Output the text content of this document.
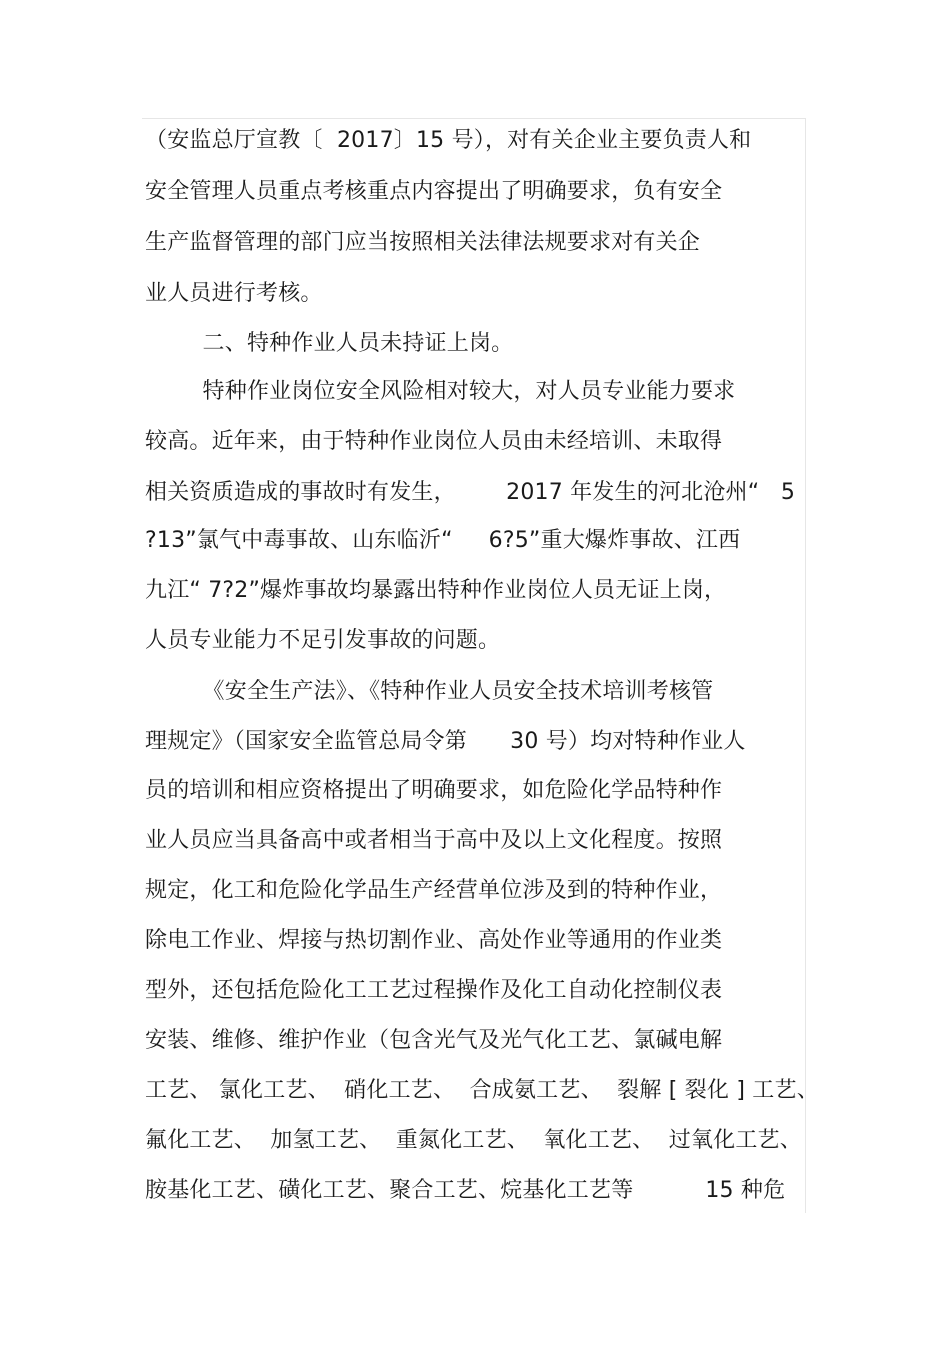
（安监总厅宣教〔  2017〕15 号），对有关企业主要负责人和
安全管理人员重点考核重点内容提出了明确要求，负有安全
生产监督管理的部门应当按照相关法律法规要求对有关企
业人员进行考核。
二、特种作业人员未持证上岗。
特种作业岗位安全风险相对较大，对人员专业能力要求
较高。近年来，由于特种作业岗位人员由未经培训、未取得
相关资质造成的事故时有发生，       2017 年发生的河北沧州“   5
?13”氯气中毒事故、山东临沂“     6?5”重大爆炸事故、江西
九江“ 7?2”爆炸事故均暴露出特种作业岗位人员无证上岗，
人员专业能力不足引发事故的问题。
《安全生产法》、《特种作业人员安全技术培训考核管
理规定》（国家安全监管总局令第      30 号）均对特种作业人
员的培训和相应资格提出了明确要求，如危险化学品特种作
业人员应当具备高中或者相当于高中及以上文化程度。按照
规定，化工和危险化学品生产经营单位涉及到的特种作业，
除电工作业、焊接与热切割作业、高处作业等通用的作业类
型外，还包括危险化工工艺过程操作及化工自动化控制仪表
安装、维修、维护作业（包含光气及光气化工艺、氯碱电解
工艺、 氯化工艺、  硝化工艺、  合成氨工艺、  裂解 [ 裂化 ] 工艺、
氟化工艺、  加氢工艺、  重氮化工艺、  氧化工艺、  过氧化工艺、
胺基化工艺、磺化工艺、聚合工艺、烷基化工艺等          15 种危
